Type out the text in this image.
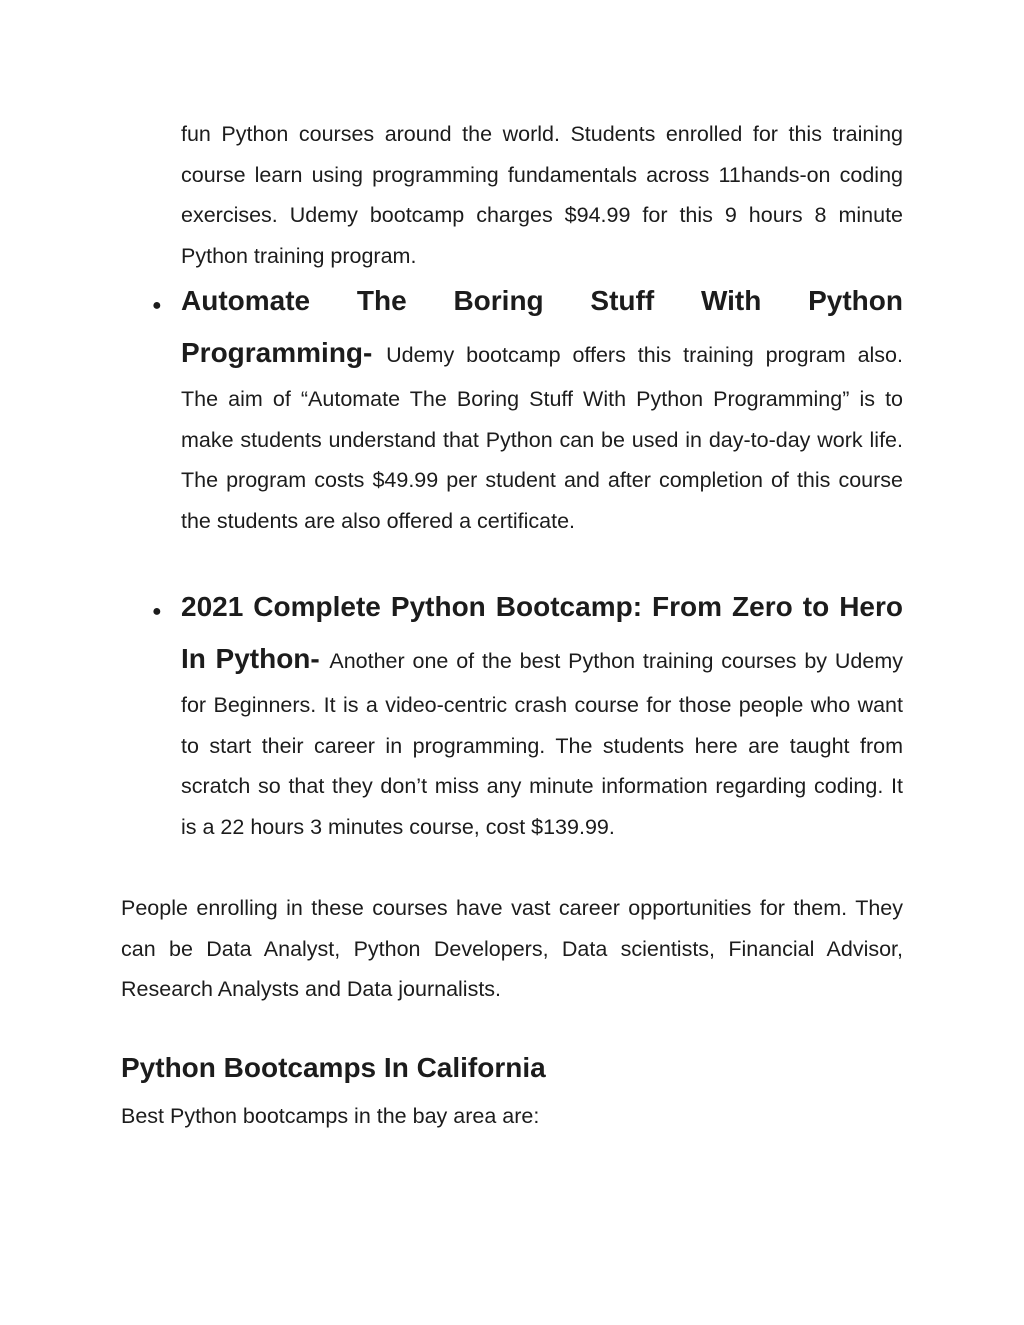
fun Python courses around the world. Students enrolled for this training course learn using programming fundamentals across 11hands-on coding exercises. Udemy bootcamp charges $94.99 for this 9 hours 8 minute Python training program.

● Automate The Boring Stuff With Python Programming- Udemy bootcamp offers this training program also. The aim of “Automate The Boring Stuff With Python Programming” is to make students understand that Python can be used in day-to-day work life. The program costs $49.99 per student and after completion of this course the students are also offered a certificate.

● 2021 Complete Python Bootcamp: From Zero to Hero In Python- Another one of the best Python training courses by Udemy for Beginners. It is a video-centric crash course for those people who want to start their career in programming. The students here are taught from scratch so that they don’t miss any minute information regarding coding. It is a 22 hours 3 minutes course, cost $139.99.

People enrolling in these courses have vast career opportunities for them. They can be Data Analyst, Python Developers, Data scientists, Financial Advisor, Research Analysts and Data journalists.

Python Bootcamps In California

Best Python bootcamps in the bay area are:
